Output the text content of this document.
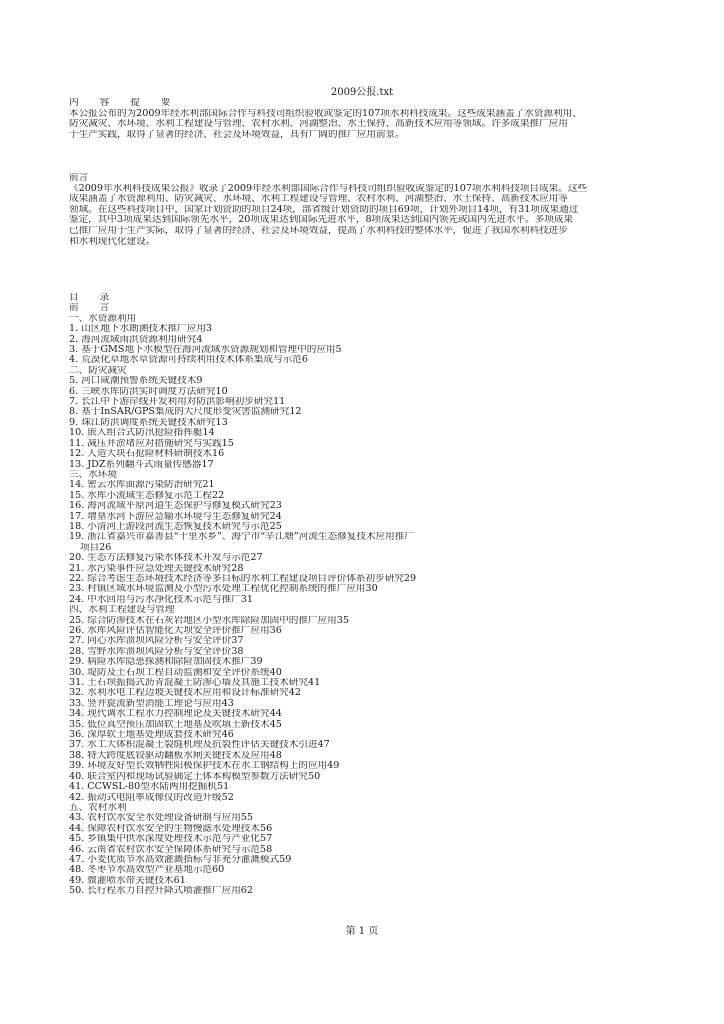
2009公报.txt
内 容 提 要
本公报公布的为2009年经水利部国际合作与科技司组织验收或鉴定的107项水利科技成果。这些成果涵盖了水资源利用、
防灾减灾、水环境、水利工程建设与管理、农村水利、河湖整治、水土保持、高新技术应用等领域。许多成果推广应用
于生产实践，取得了显著的经济、社会及环境效益，具有广阔的推广应用前景。
前言
《2009年水利科技成果公报》收录了2009年经水利部国际合作与科技司组织验收或鉴定的107项水利科技项目成果。这些
成果涵盖了水资源利用、防灾减灾、水环境、水利工程建设与管理、农村水利、河湖整治、水土保持、高新技术应用等
领域。在这些科技项目中，国家计划资助的项目24项，部省级计划资助的项目69项，计划外项目14项，有31项成果通过
鉴定，其中3项成果达到国际领先水平，20项成果达到国际先进水平，8项成果达到国内领先或国内先进水平。多项成果
已推广应用于生产实际，取得了显著的经济、社会及环境效益，提高了水利科技的整体水平，促进了我国水利科技进步
和水利现代化建设。
目 录
前 言
一、水资源利用
1. 山区地下水勘测技术推广应用3
2. 海河流域雨洪资源利用研究4
3. 基于GMS地下水模型在海河流域水资源规划和管理中的应用5
4. 荒漠化草地水草资源可持续利用技术体系集成与示范6
二、防灾减灾
5. 河口咸潮预警系统关键技术9
6. 三峡水库防洪实时调度方法研究10
7. 长江中下游岸线开发利用对防洪影响初步研究11
8. 基于InSAR/GPS集成的大尺度形变灾害监测研究12
9. 珠江防洪调度系统关键技术研究13
10. 嵌入组合式防汛抢险指挥艇14
11. 减压井淤堵应对措施研究与实践15
12. 人造大块石抢险材料研制技术16
13. JDZ系列翻斗式雨量传感器17
三、水环境
14. 密云水库面源污染防治研究21
15. 水库小流域生态修复示范工程22
16. 海河流域平原河道生态保护与修复模式研究23
17. 增垦水河下游应急输水环境与生态修复研究24
18. 小清河上游段河流生态恢复技术研究与示范25
19. 浙江省嘉兴市嘉善县“十里水乡”、海宁市“辛江塘”河流生态修复技术应用推广
项目26
20. 生态方法修复污染水体技术开发与示范27
21. 水污染事件应急处理关键技术研究28
22. 综合考虑生态环境技术经济等多目标的水利工程建设项目评价体系初步研究29
23. 村镇区域水环境监测及小型污水处理工程优化控制系统的推广应用30
24. 中水回用与污水净化技术示范与推广31
四、水利工程建设与管理
25. 综合防渗技术在石灰岩地区小型水库除险加固中的推广应用35
26. 水库风险评估智能化大坝安全评价推广应用36
27. 同心水库溃坝风险分析与安全评价37
28. 雪野水库溃坝风险分析与安全评价38
29. 病险水库隐患探测和除险加固技术推广39
30. 堤防及土石坝工程自动监测和安全评价系统40
31. 土石坝振捣式沥青混凝土防渗心墙及其施工技术研究41
32. 水利水电工程边坡关键技术应用和设计标准研究42
33. 竖井旋流新型消能工理论与应用43
34. 现代调水工程水力控制理论及关键技术研究44
35. 低位真空预压加固软土地基及吹填土新技术45
36. 深厚软土地基处理成套技术研究46
37. 水工大体积混凝土裂缝机理及抗裂性评估关键技术引进47
38. 特大跨度底铰驱动翻板水闸关键技术及应用48
39. 环境友好型长效牺牲阳极保护技术在水工钢结构上的应用49
40. 联合室内和现场试验确定土体本构模型参数方法研究50
41. CCWSL-80型水陆两用挖掘机51
42. 振动式电阻率成像仪的改造升级52
五、农村水利
43. 农村饮水安全水处理设备研制与应用55
44. 保障农村饮水安全的生物慢滤水处理技术56
45. 乡镇集中供水深度处理技术示范与产业化57
46. 云南省农村饮水安全保障体系研究与示范58
47. 小麦优质节水高效灌溉指标与非充分灌溉模式59
48. 冬枣节水高效型产业基地示范60
49. 微灌喷水带关键技术61
50. 长行程水力自控升降式喷灌推广应用62
第 1 页
